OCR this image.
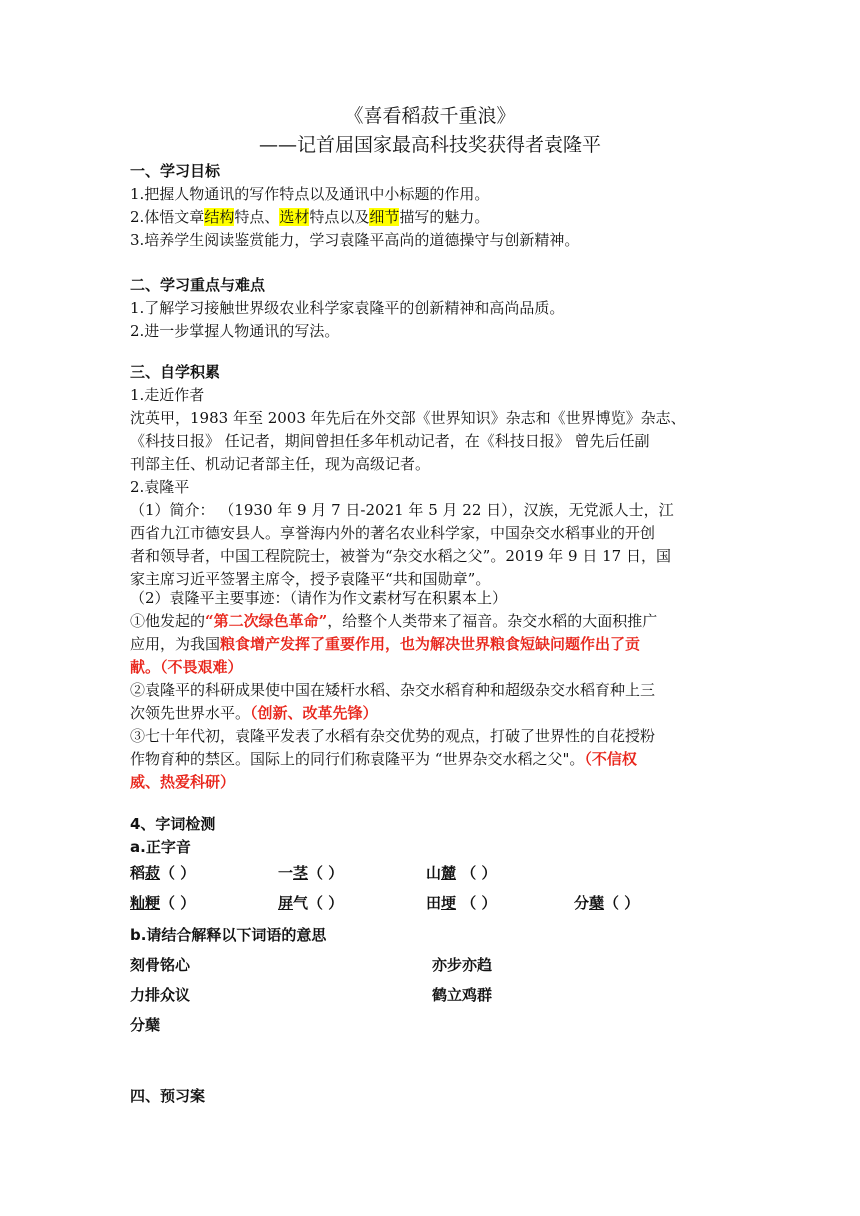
《喜看稻菽千重浪》
——记首届国家最高科技奖获得者袁隆平
一、学习目标
1.把握人物通讯的写作特点以及通讯中小标题的作用。
2.体悟文章结构特点、选材特点以及细节描写的魅力。
3.培养学生阅读鉴赏能力，学习袁隆平高尚的道德操守与创新精神。
二、学习重点与难点
1.了解学习接触世界级农业科学家袁隆平的创新精神和高尚品质。
2.进一步掌握人物通讯的写法。
三、自学积累
1.走近作者
沈英甲，1983 年至 2003 年先后在外交部《世界知识》杂志和《世界博览》杂志、
《科技日报》 任记者，期间曾担任多年机动记者，在《科技日报》 曾先后任副
刊部主任、机动记者部主任，现为高级记者。
2.袁隆平
（1）简介： （1930 年 9 月 7 日-2021 年 5 月 22 日），汉族，无党派人士，江
西省九江市德安县人。享誉海内外的著名农业科学家，中国杂交水稻事业的开创
者和领导者，中国工程院院士，被誉为“杂交水稻之父”。2019 年 9 日 17 日，国
家主席习近平签署主席令，授予袁隆平“共和国勋章”。
（2）袁隆平主要事迹：（请作为作文素材写在积累本上）
①他发起的“第二次绿色革命”，给整个人类带来了福音。杂交水稻的大面积推广
应用，为我国粮食增产发挥了重要作用，也为解决世界粮食短缺问题作出了贡
献。（不畏艰难）
②袁隆平的科研成果使中国在矮杆水稻、杂交水稻育种和超级杂交水稻育种上三
次领先世界水平。（创新、改革先锋）
③七十年代初，袁隆平发表了水稻有杂交优势的观点，打破了世界性的自花授粉
作物育种的禁区。国际上的同行们称袁隆平为 “世界杂交水稻之父"。（不信权
威、热爱科研）
4、字词检测
a.正字音
稻菽（ ）	一茎（ ）	山麓 （ ）
籼粳（ ）	屏气（ ）	田埂 （ ）	分蘖（ ）
b.请结合解释以下词语的意思
刻骨铭心	亦步亦趋
力排众议	鹤立鸡群
分蘖
四、预习案
